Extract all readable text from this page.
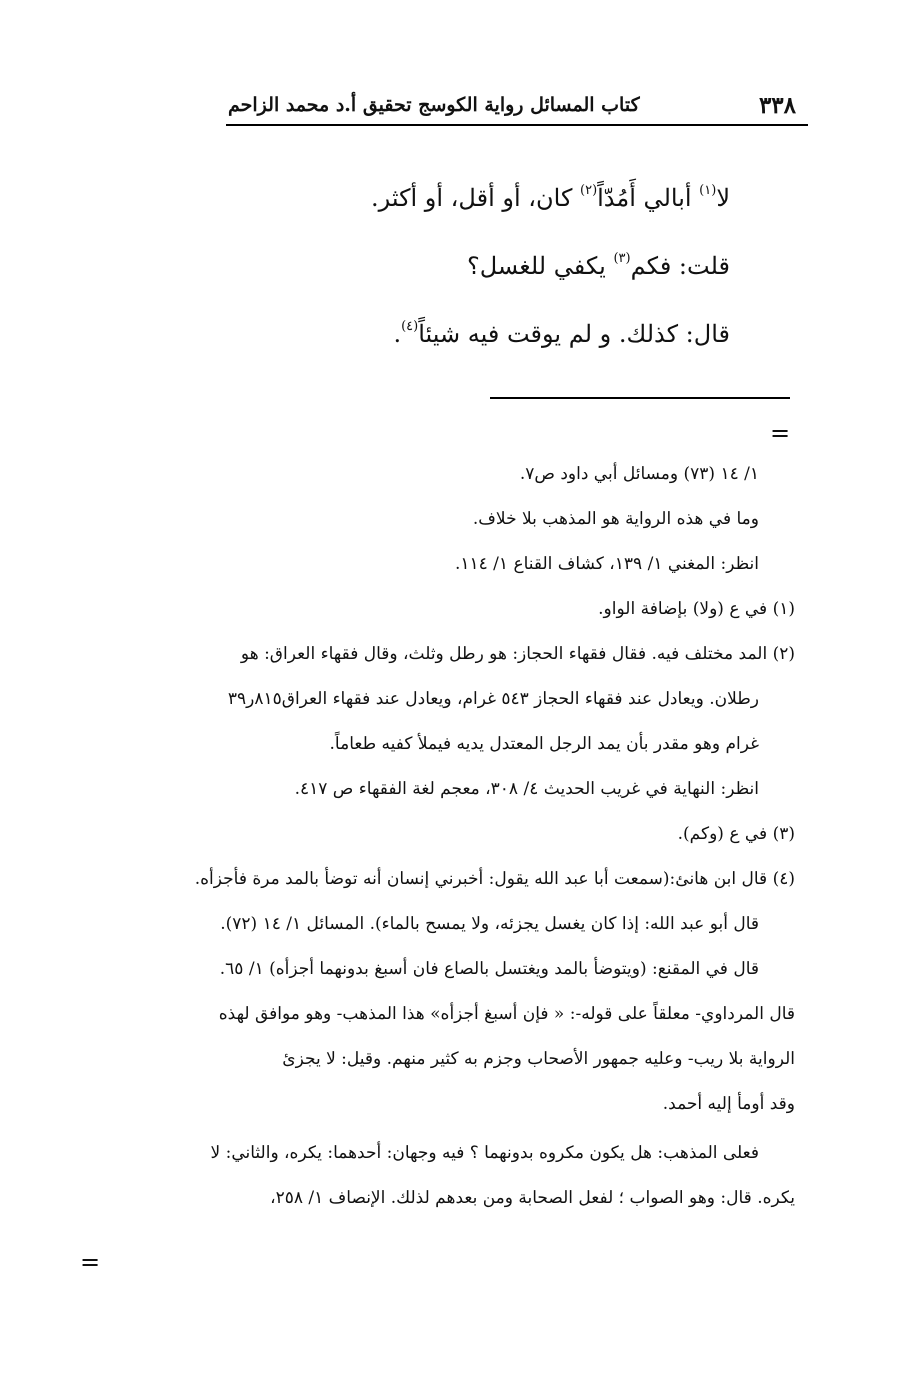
٣٣٨
كتاب المسائل رواية الكوسج تحقيق أ.د محمد الزاحم

لا$^{(١)}$ أبالي أَمُدّاً$^{(٢)}$ كان، أو أقل، أو أكثر.

قلت: فكم$^{(٣)}$ يكفي للغسل؟

قال: كذلك. و لم يوقت فيه شيئاً$^{(٤)}$.

=

١/ ١٤ (٧٣) ومسائل أبي داود ص٧.

وما في هذه الرواية هو المذهب بلا خلاف.

انظر: المغني ١/ ١٣٩، كشاف القناع ١/ ١١٤.

(١) في ع (ولا) بإضافة الواو.

(٢) المد مختلف فيه. فقال فقهاء الحجاز: هو رطل وثلث، وقال فقهاء العراق: هو

رطلان. ويعادل عند فقهاء الحجاز ٥٤٣ غرام، ويعادل عند فقهاء العراق٨١٥ر٣٩

غرام وهو مقدر بأن يمد الرجل المعتدل يديه فيملأ كفيه طعاماً.

انظر: النهاية في غريب الحديث ٤/ ٣٠٨، معجم لغة الفقهاء ص ٤١٧.

(٣) في ع (وكم).

(٤) قال ابن هانئ:(سمعت أبا عبد الله يقول: أخبرني إنسان أنه توضأ بالمد مرة فأجزأه.

قال أبو عبد الله: إذا كان يغسل يجزئه، ولا يمسح بالماء). المسائل ١/ ١٤ (٧٢).

قال في المقنع: (ويتوضأ بالمد ويغتسل بالصاع فان أسبغ بدونهما أجزأه) ١/ ٦٥.

قال المرداوي- معلقاً على قوله-: « فإن أسبغ أجزأه» هذا المذهب- وهو موافق لهذه

الرواية بلا ريب- وعليه جمهور الأصحاب وجزم به كثير منهم. وقيل: لا يجزئ

وقد أومأ إليه أحمد.

فعلى المذهب: هل يكون مكروه بدونهما ؟ فيه وجهان: أحدهما: يكره، والثاني: لا

يكره. قال: وهو الصواب ؛ لفعل الصحابة ومن بعدهم لذلك. الإنصاف ١/ ٢٥٨،

=
